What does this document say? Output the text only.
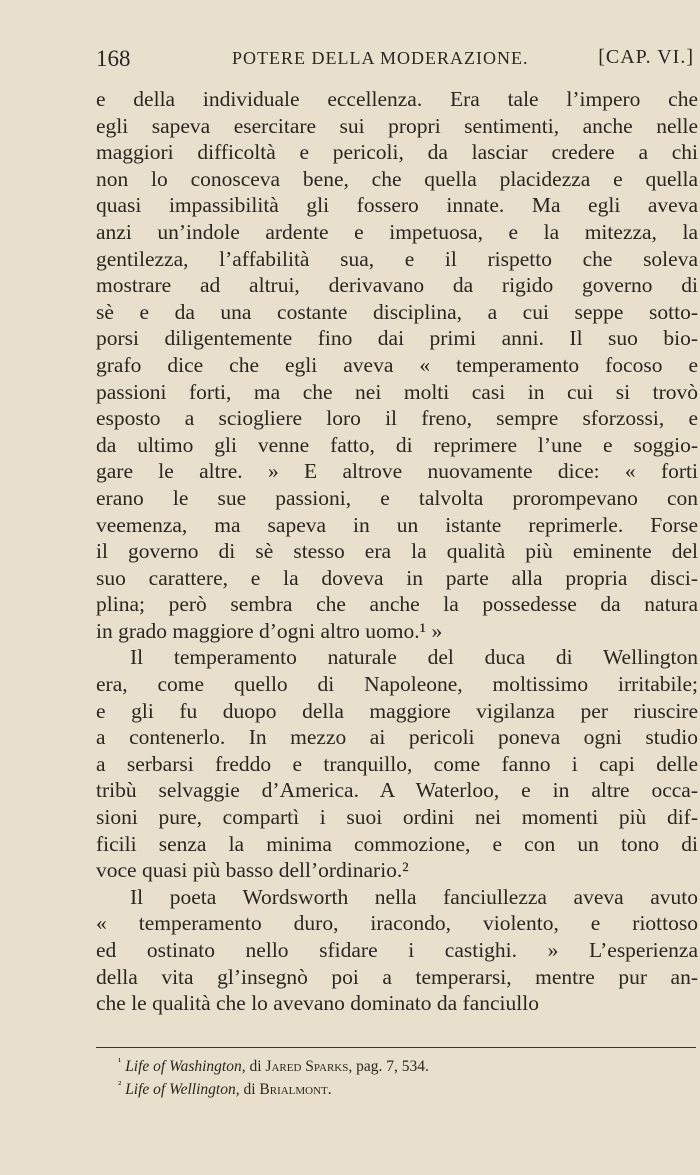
168	POTERE DELLA MODERAZIONE.	[CAP. VI.]
e della individuale eccellenza. Era tale l’impero che
egli sapeva esercitare sui propri sentimenti, anche nelle
maggiori difficoltà e pericoli, da lasciar credere a chi
non lo conosceva bene, che quella placidezza e quella
quasi impassibilità gli fossero innate. Ma egli aveva
anzi un’indole ardente e impetuosa, e la mitezza, la
gentilezza, l’affabilità sua, e il rispetto che soleva
mostrare ad altrui, derivavano da rigido governo di
sè e da una costante disciplina, a cui seppe sotto-
porsi diligentemente fino dai primi anni. Il suo bio-
grafo dice che egli aveva « temperamento focoso e
passioni forti, ma che nei molti casi in cui si trovò
esposto a sciogliere loro il freno, sempre sforzossi, e
da ultimo gli venne fatto, di reprimere l’une e soggio-
gare le altre. » E altrove nuovamente dice: « forti
erano le sue passioni, e talvolta prorompevano con
veemenza, ma sapeva in un istante reprimerle. Forse
il governo di sè stesso era la qualità più eminente del
suo carattere, e la doveva in parte alla propria disci-
plina; però sembra che anche la possedesse da natura
in grado maggiore d’ogni altro uomo.¹ »
Il temperamento naturale del duca di Wellington
era, come quello di Napoleone, moltissimo irritabile;
e gli fu duopo della maggiore vigilanza per riuscire
a contenerlo. In mezzo ai pericoli poneva ogni studio
a serbarsi freddo e tranquillo, come fanno i capi delle
tribù selvaggie d’America. A Waterloo, e in altre occa-
sioni pure, compartì i suoi ordini nei momenti più dif-
ficili senza la minima commozione, e con un tono di
voce quasi più basso dell’ordinario.²
Il poeta Wordsworth nella fanciullezza aveva avuto
« temperamento duro, iracondo, violento, e riottoso
ed ostinato nello sfidare i castighi. » L’esperienza
della vita gl’insegnò poi a temperarsi, mentre pur an-
che le qualità che lo avevano dominato da fanciullo
$^{^1}$ Life of Washington, di Jared Sparks, pag. 7, 534.
$^{^2}$ Life of Wellington, di Brialmont.
